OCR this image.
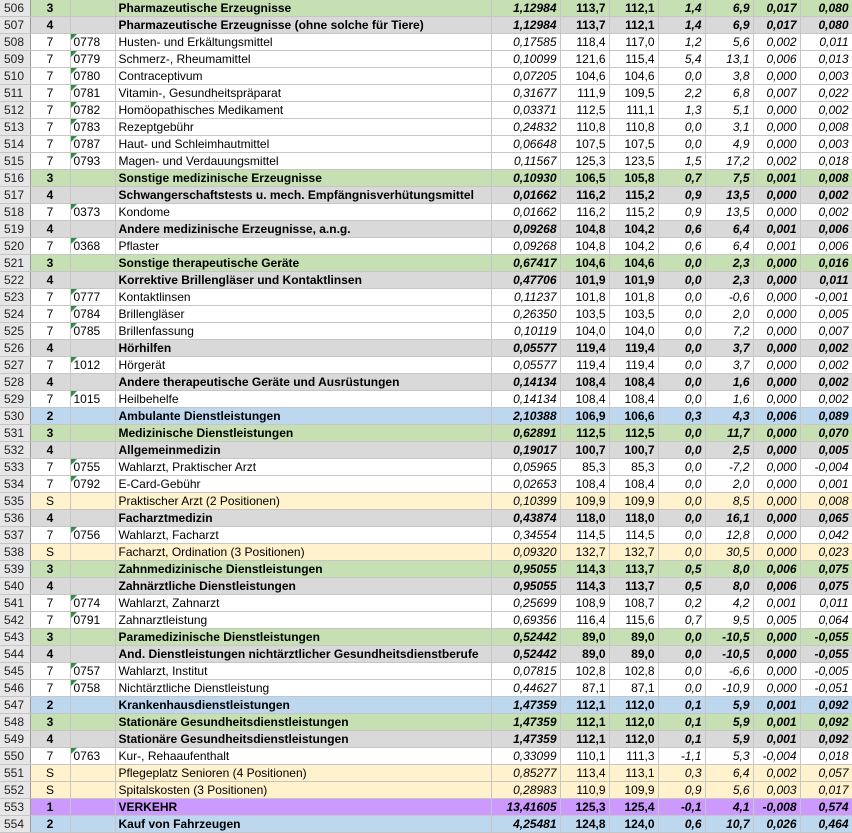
506	3		Pharmazeutische Erzeugnisse	1,12984	113,7	112,1	1,4	6,9	0,017	0,080
507	4		Pharmazeutische Erzeugnisse (ohne solche für Tiere)	1,12984	113,7	112,1	1,4	6,9	0,017	0,080
508	7	0778	Husten- und Erkältungsmittel	0,17585	118,4	117,0	1,2	5,6	0,002	0,011
509	7	0779	Schmerz-, Rheumamittel	0,10099	121,6	115,4	5,4	13,1	0,006	0,013
510	7	0780	Contraceptivum	0,07205	104,6	104,6	0,0	3,8	0,000	0,003
511	7	0781	Vitamin-, Gesundheitspräparat	0,31677	111,9	109,5	2,2	6,8	0,007	0,022
512	7	0782	Homöopathisches Medikament	0,03371	112,5	111,1	1,3	5,1	0,000	0,002
513	7	0783	Rezeptgebühr	0,24832	110,8	110,8	0,0	3,1	0,000	0,008
514	7	0787	Haut- und Schleimhautmittel	0,06648	107,5	107,5	0,0	4,9	0,000	0,003
515	7	0793	Magen- und Verdauungsmittel	0,11567	125,3	123,5	1,5	17,2	0,002	0,018
516	3		Sonstige medizinische Erzeugnisse	0,10930	106,5	105,8	0,7	7,5	0,001	0,008
517	4		Schwangerschaftstests u. mech. Empfängnisverhütungsmittel	0,01662	116,2	115,2	0,9	13,5	0,000	0,002
518	7	0373	Kondome	0,01662	116,2	115,2	0,9	13,5	0,000	0,002
519	4		Andere medizinische Erzeugnisse, a.n.g.	0,09268	104,8	104,2	0,6	6,4	0,001	0,006
520	7	0368	Pflaster	0,09268	104,8	104,2	0,6	6,4	0,001	0,006
521	3		Sonstige therapeutische Geräte	0,67417	104,6	104,6	0,0	2,3	0,000	0,016
522	4		Korrektive Brillengläser und Kontaktlinsen	0,47706	101,9	101,9	0,0	2,3	0,000	0,011
523	7	0777	Kontaktlinsen	0,11237	101,8	101,8	0,0	-0,6	0,000	-0,001
524	7	0784	Brillengläser	0,26350	103,5	103,5	0,0	2,0	0,000	0,005
525	7	0785	Brillenfassung	0,10119	104,0	104,0	0,0	7,2	0,000	0,007
526	4		Hörhilfen	0,05577	119,4	119,4	0,0	3,7	0,000	0,002
527	7	1012	Hörgerät	0,05577	119,4	119,4	0,0	3,7	0,000	0,002
528	4		Andere therapeutische Geräte und Ausrüstungen	0,14134	108,4	108,4	0,0	1,6	0,000	0,002
529	7	1015	Heilbehelfe	0,14134	108,4	108,4	0,0	1,6	0,000	0,002
530	2		Ambulante Dienstleistungen	2,10388	106,9	106,6	0,3	4,3	0,006	0,089
531	3		Medizinische Dienstleistungen	0,62891	112,5	112,5	0,0	11,7	0,000	0,070
532	4		Allgemeinmedizin	0,19017	100,7	100,7	0,0	2,5	0,000	0,005
533	7	0755	Wahlarzt, Praktischer Arzt	0,05965	85,3	85,3	0,0	-7,2	0,000	-0,004
534	7	0792	E-Card-Gebühr	0,02653	108,4	108,4	0,0	2,0	0,000	0,001
535	S		Praktischer Arzt (2 Positionen)	0,10399	109,9	109,9	0,0	8,5	0,000	0,008
536	4		Facharztmedizin	0,43874	118,0	118,0	0,0	16,1	0,000	0,065
537	7	0756	Wahlarzt, Facharzt	0,34554	114,5	114,5	0,0	12,8	0,000	0,042
538	S		Facharzt, Ordination (3 Positionen)	0,09320	132,7	132,7	0,0	30,5	0,000	0,023
539	3		Zahnmedizinische Dienstleistungen	0,95055	114,3	113,7	0,5	8,0	0,006	0,075
540	4		Zahnärztliche Dienstleistungen	0,95055	114,3	113,7	0,5	8,0	0,006	0,075
541	7	0774	Wahlarzt, Zahnarzt	0,25699	108,9	108,7	0,2	4,2	0,001	0,011
542	7	0791	Zahnarztleistung	0,69356	116,4	115,6	0,7	9,5	0,005	0,064
543	3		Paramedizinische Dienstleistungen	0,52442	89,0	89,0	0,0	-10,5	0,000	-0,055
544	4		And. Dienstleistungen nichtärztlicher Gesundheitsdienstberufe	0,52442	89,0	89,0	0,0	-10,5	0,000	-0,055
545	7	0757	Wahlarzt, Institut	0,07815	102,8	102,8	0,0	-6,6	0,000	-0,005
546	7	0758	Nichtärztliche Dienstleistung	0,44627	87,1	87,1	0,0	-10,9	0,000	-0,051
547	2		Krankenhausdienstleistungen	1,47359	112,1	112,0	0,1	5,9	0,001	0,092
548	3		Stationäre Gesundheitsdienstleistungen	1,47359	112,1	112,0	0,1	5,9	0,001	0,092
549	4		Stationäre Gesundheitsdienstleistungen	1,47359	112,1	112,0	0,1	5,9	0,001	0,092
550	7	0763	Kur-, Rehaaufenthalt	0,33099	110,1	111,3	-1,1	5,3	-0,004	0,018
551	S		Pflegeplatz Senioren (4 Positionen)	0,85277	113,4	113,1	0,3	6,4	0,002	0,057
552	S		Spitalskosten (3 Positionen)	0,28983	110,9	109,9	0,9	5,6	0,003	0,017
553	1		VERKEHR	13,41605	125,3	125,4	-0,1	4,1	-0,008	0,574
554	2		Kauf von Fahrzeugen	4,25481	124,8	124,0	0,6	10,7	0,026	0,464
